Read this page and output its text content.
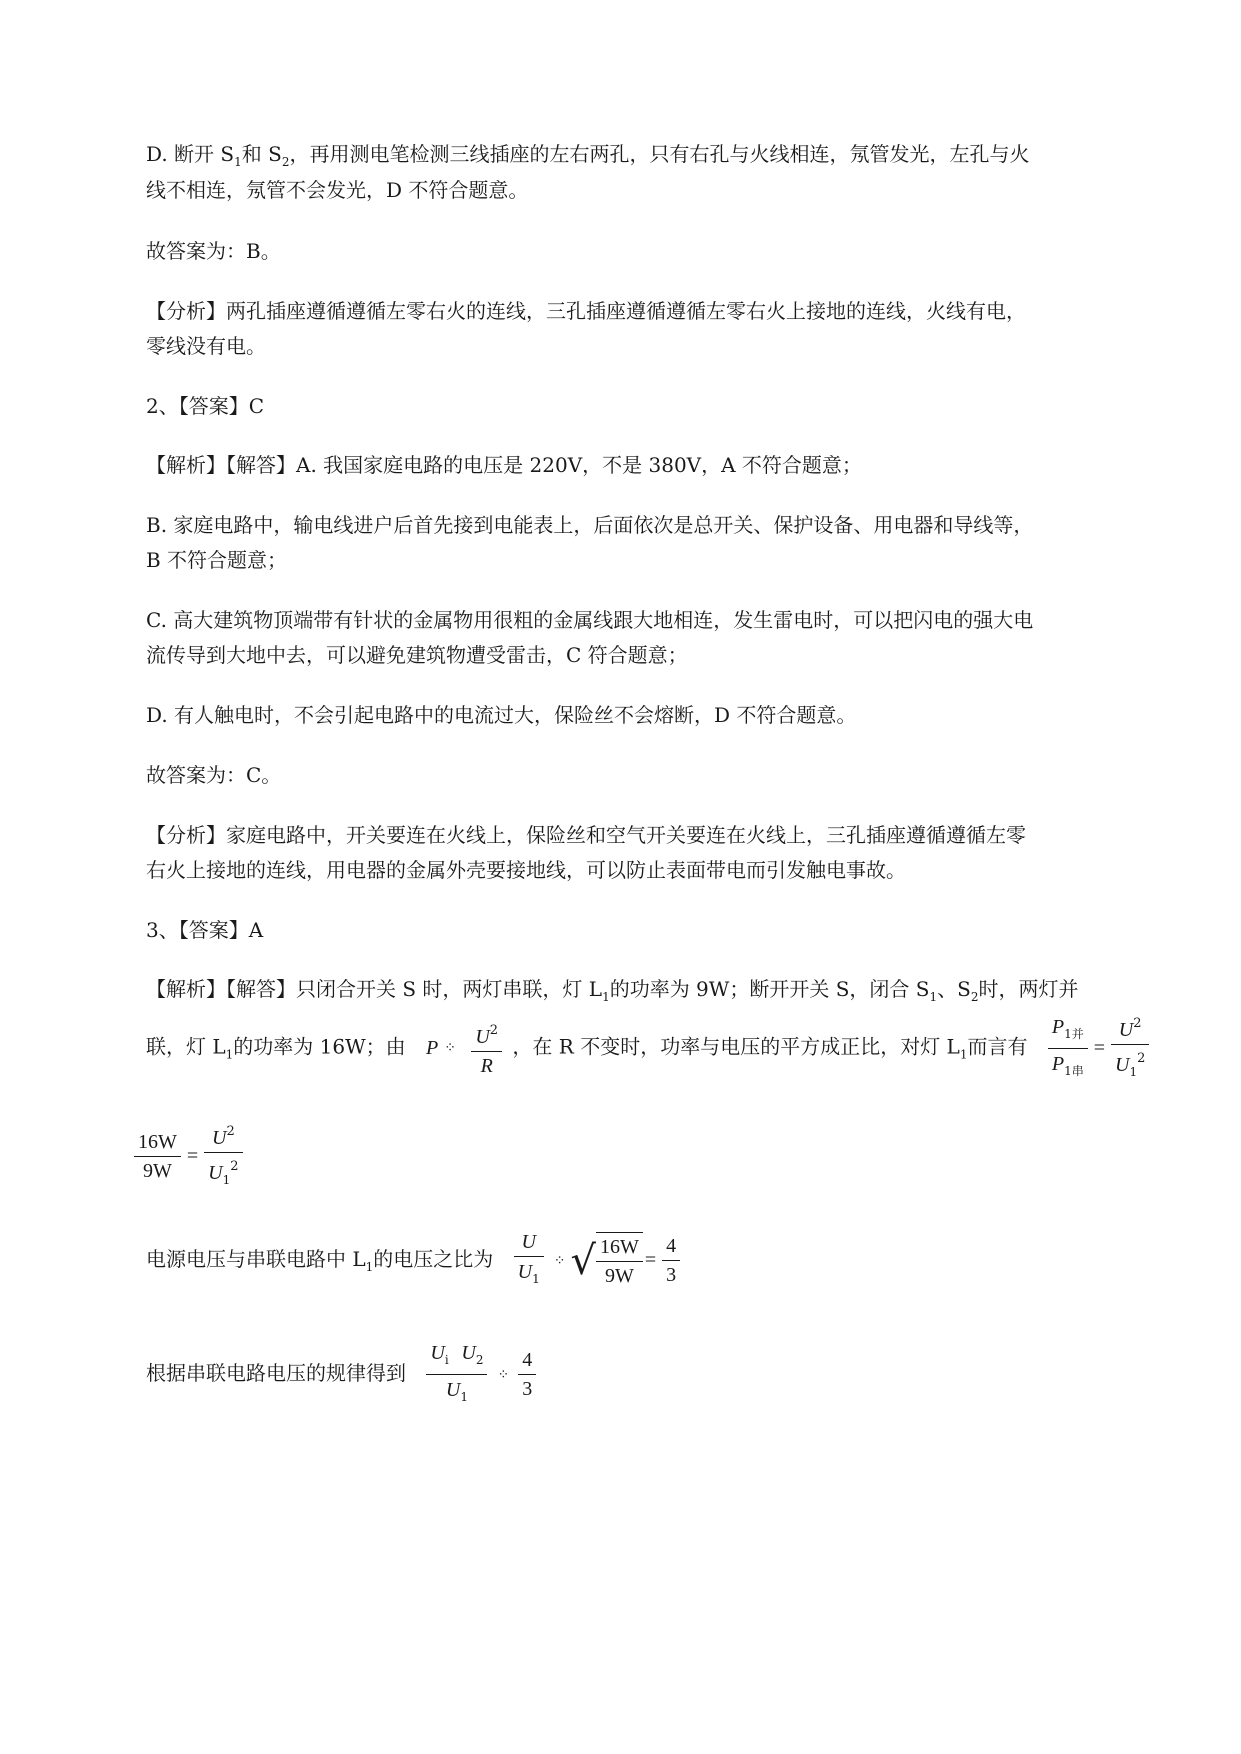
D. 断开 $S_1$和 $S_2$，再用测电笔检测三线插座的左右两孔，只有右孔与火线相连，氖管发光，左孔与火
线不相连，氖管不会发光，D 不符合题意。
故答案为：B。
【分析】两孔插座遵循遵循左零右火的连线，三孔插座遵循遵循左零右火上接地的连线，火线有电，
零线没有电。
2、【答案】C
【解析】【解答】A. 我国家庭电路的电压是 220V，不是 380V，A 不符合题意；
B. 家庭电路中，输电线进户后首先接到电能表上，后面依次是总开关、保护设备、用电器和导线等，
B 不符合题意；
C. 高大建筑物顶端带有针状的金属物用很粗的金属线跟大地相连，发生雷电时，可以把闪电的强大电
流传导到大地中去，可以避免建筑物遭受雷击，C 符合题意；
D. 有人触电时，不会引起电路中的电流过大，保险丝不会熔断，D 不符合题意。
故答案为：C。
【分析】家庭电路中，开关要连在火线上，保险丝和空气开关要连在火线上，三孔插座遵循遵循左零
右火上接地的连线，用电器的金属外壳要接地线，可以防止表面带电而引发触电事故。
3、【答案】A
【解析】【解答】只闭合开关 S 时，两灯串联，灯 $L_1$的功率为 9W；断开开关 S，闭合 $S_1$、$S_2$时，两灯并
联，灯 $L_1$的功率为 16W；由 P ⁘ $\frac{U^2}{R}$ ，在 R 不变时，功率与电压的平方成正比，对灯 $L_1$而言有 $\frac{P_{1并}}{P_{1串}} = \frac{U^2}{U_1^2}$
$\frac{16W}{9W} = \frac{U^2}{U_1^2}$
电源电压与串联电路中 $L_1$的电压之比为 $\frac{U}{U_1}$ ⁘ √ $\frac{16W}{9W} = \frac{4}{3}$
根据串联电路电压的规律得到 $\frac{U_ⅰ U_2}{U_1}$ ⁘ $\frac{4}{3}$
